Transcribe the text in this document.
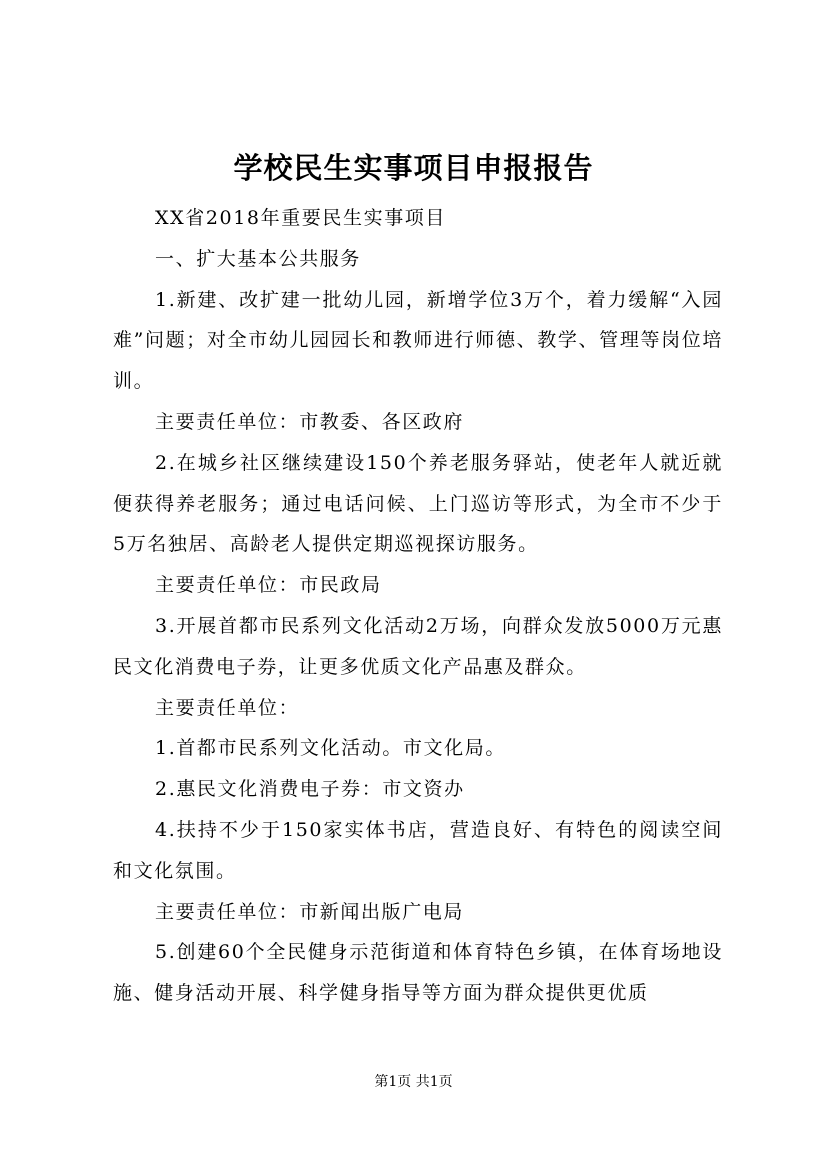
学校民生实事项目申报报告

XX省2018年重要民生实事项目

一、扩大基本公共服务

1.新建、改扩建一批幼儿园，新增学位3万个，着力缓解“入园难”问题；对全市幼儿园园长和教师进行师德、教学、管理等岗位培训。

主要责任单位：市教委、各区政府

2.在城乡社区继续建设150个养老服务驿站，使老年人就近就便获得养老服务；通过电话问候、上门巡访等形式，为全市不少于5万名独居、高龄老人提供定期巡视探访服务。

主要责任单位：市民政局

3.开展首都市民系列文化活动2万场，向群众发放5000万元惠民文化消费电子券，让更多优质文化产品惠及群众。

主要责任单位：

1.首都市民系列文化活动。市文化局。

2.惠民文化消费电子券：市文资办

4.扶持不少于150家实体书店，营造良好、有特色的阅读空间和文化氛围。

主要责任单位：市新闻出版广电局

5.创建60个全民健身示范街道和体育特色乡镇，在体育场地设施、健身活动开展、科学健身指导等方面为群众提供更优质

第1页 共1页
